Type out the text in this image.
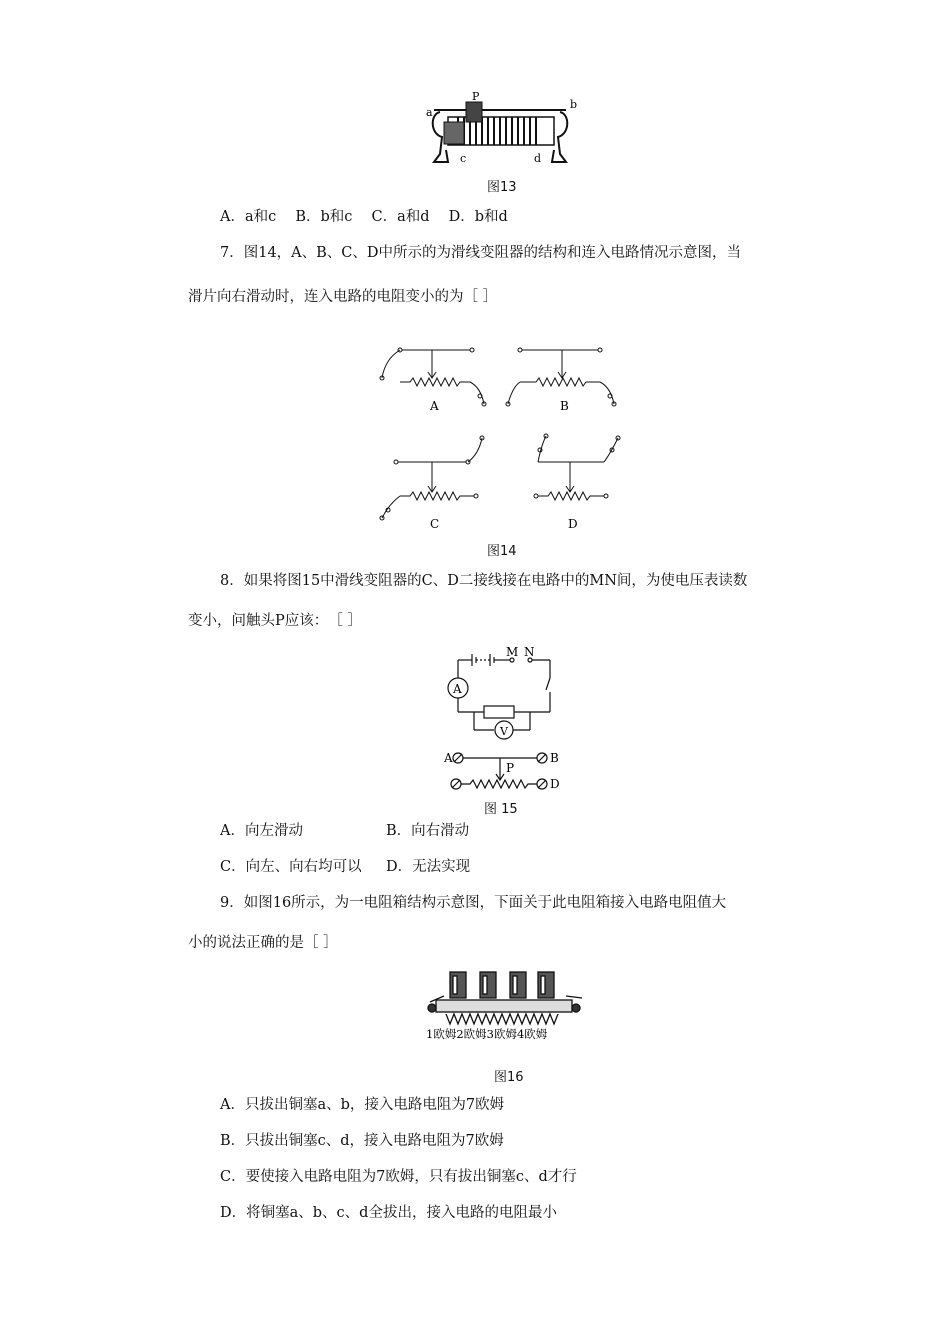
P
a
b
c	d
图13
A．a和c　 B．b和c　 C．a和d　 D．b和d
7．图14，A、B、C、D中所示的为滑线变阻器的结构和连入电路情况示意图，当
滑片向右滑动时，连入电路的电阻变小的为［ ］
A	B
C	D
图14
8．如果将图15中滑线变阻器的C、D二接线接在电路中的MN间，为使电压表读数
变小，问触头P应该：　［ ］
M N
A
V
A	B
D
P
图 15
A．向左滑动	B．向右滑动
C．向左、向右均可以 D．无法实现
9．如图16所示，为一电阻箱结构示意图，下面关于此电阻箱接入电路电阻值大
小的说法正确的是［ ］
1欧姆2欧姆3欧姆4欧姆
图16
A．只拔出铜塞a、b，接入电路电阻为7欧姆
B．只拔出铜塞c、d，接入电路电阻为7欧姆
C．要使接入电路电阻为7欧姆，只有拔出铜塞c、d才行
D．将铜塞a、b、c、d全拔出，接入电路的电阻最小
